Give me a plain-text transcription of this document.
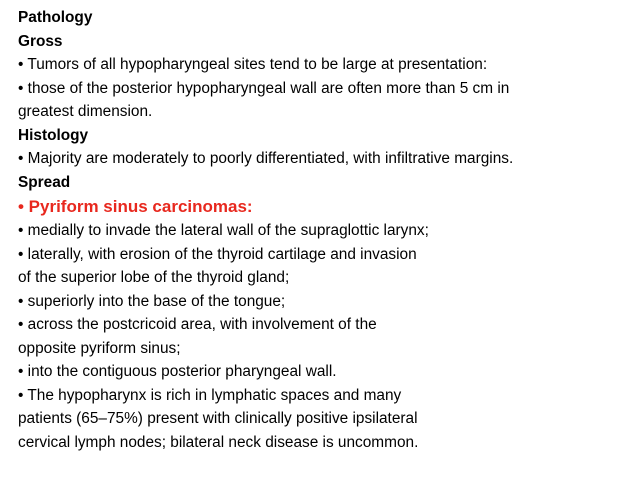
Pathology
Gross
• Tumors of all hypopharyngeal sites tend to be large at presentation:
• those of the posterior hypopharyngeal wall are often more than 5 cm in
greatest dimension.
Histology
• Majority are moderately to poorly differentiated, with infiltrative margins.
Spread
• Pyriform sinus carcinomas:
• medially to invade the lateral wall of the supraglottic larynx;
• laterally, with erosion of the thyroid cartilage and invasion
of the superior lobe of the thyroid gland;
• superiorly into the base of the tongue;
• across the postcricoid area, with involvement of the
opposite pyriform sinus;
• into the contiguous posterior pharyngeal wall.
• The hypopharynx is rich in lymphatic spaces and many
patients (65–75%) present with clinically positive ipsilateral
cervical lymph nodes; bilateral neck disease is uncommon.
